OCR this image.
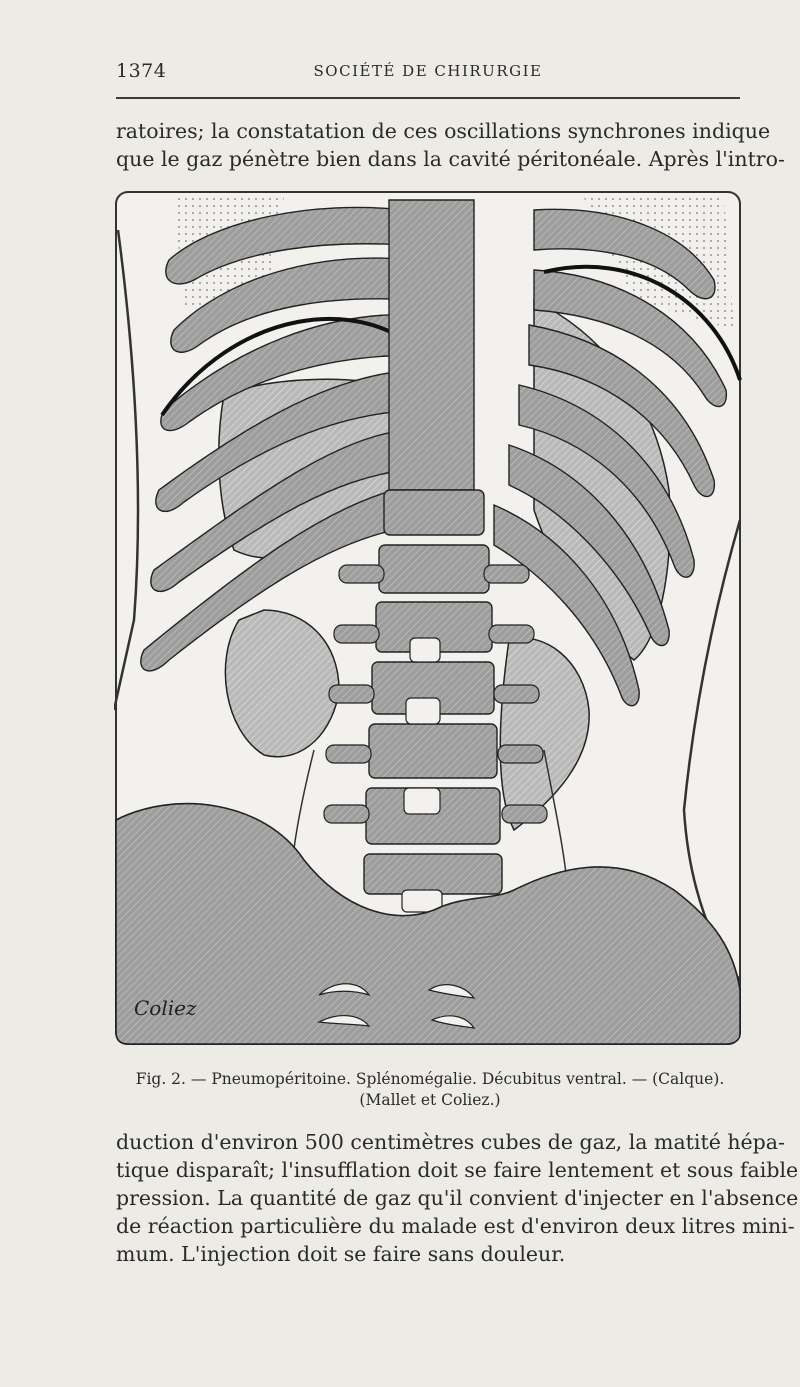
1374	SOCIÉTÉ DE CHIRURGIE
ratoires; la constatation de ces oscillations synchrones indique
que le gaz pénètre bien dans la cavité péritonéale. Après l'intro-
Coliez
Fig. 2. — Pneumopéritoine. Splénomégalie. Décubitus ventral. — (Calque).
(Mallet et Coliez.)
duction d'environ 500 centimètres cubes de gaz, la matité hépa-
tique disparaît; l'insufflation doit se faire lentement et sous faible
pression. La quantité de gaz qu'il convient d'injecter en l'absence
de réaction particulière du malade est d'environ deux litres mini-
mum. L'injection doit se faire sans douleur.
